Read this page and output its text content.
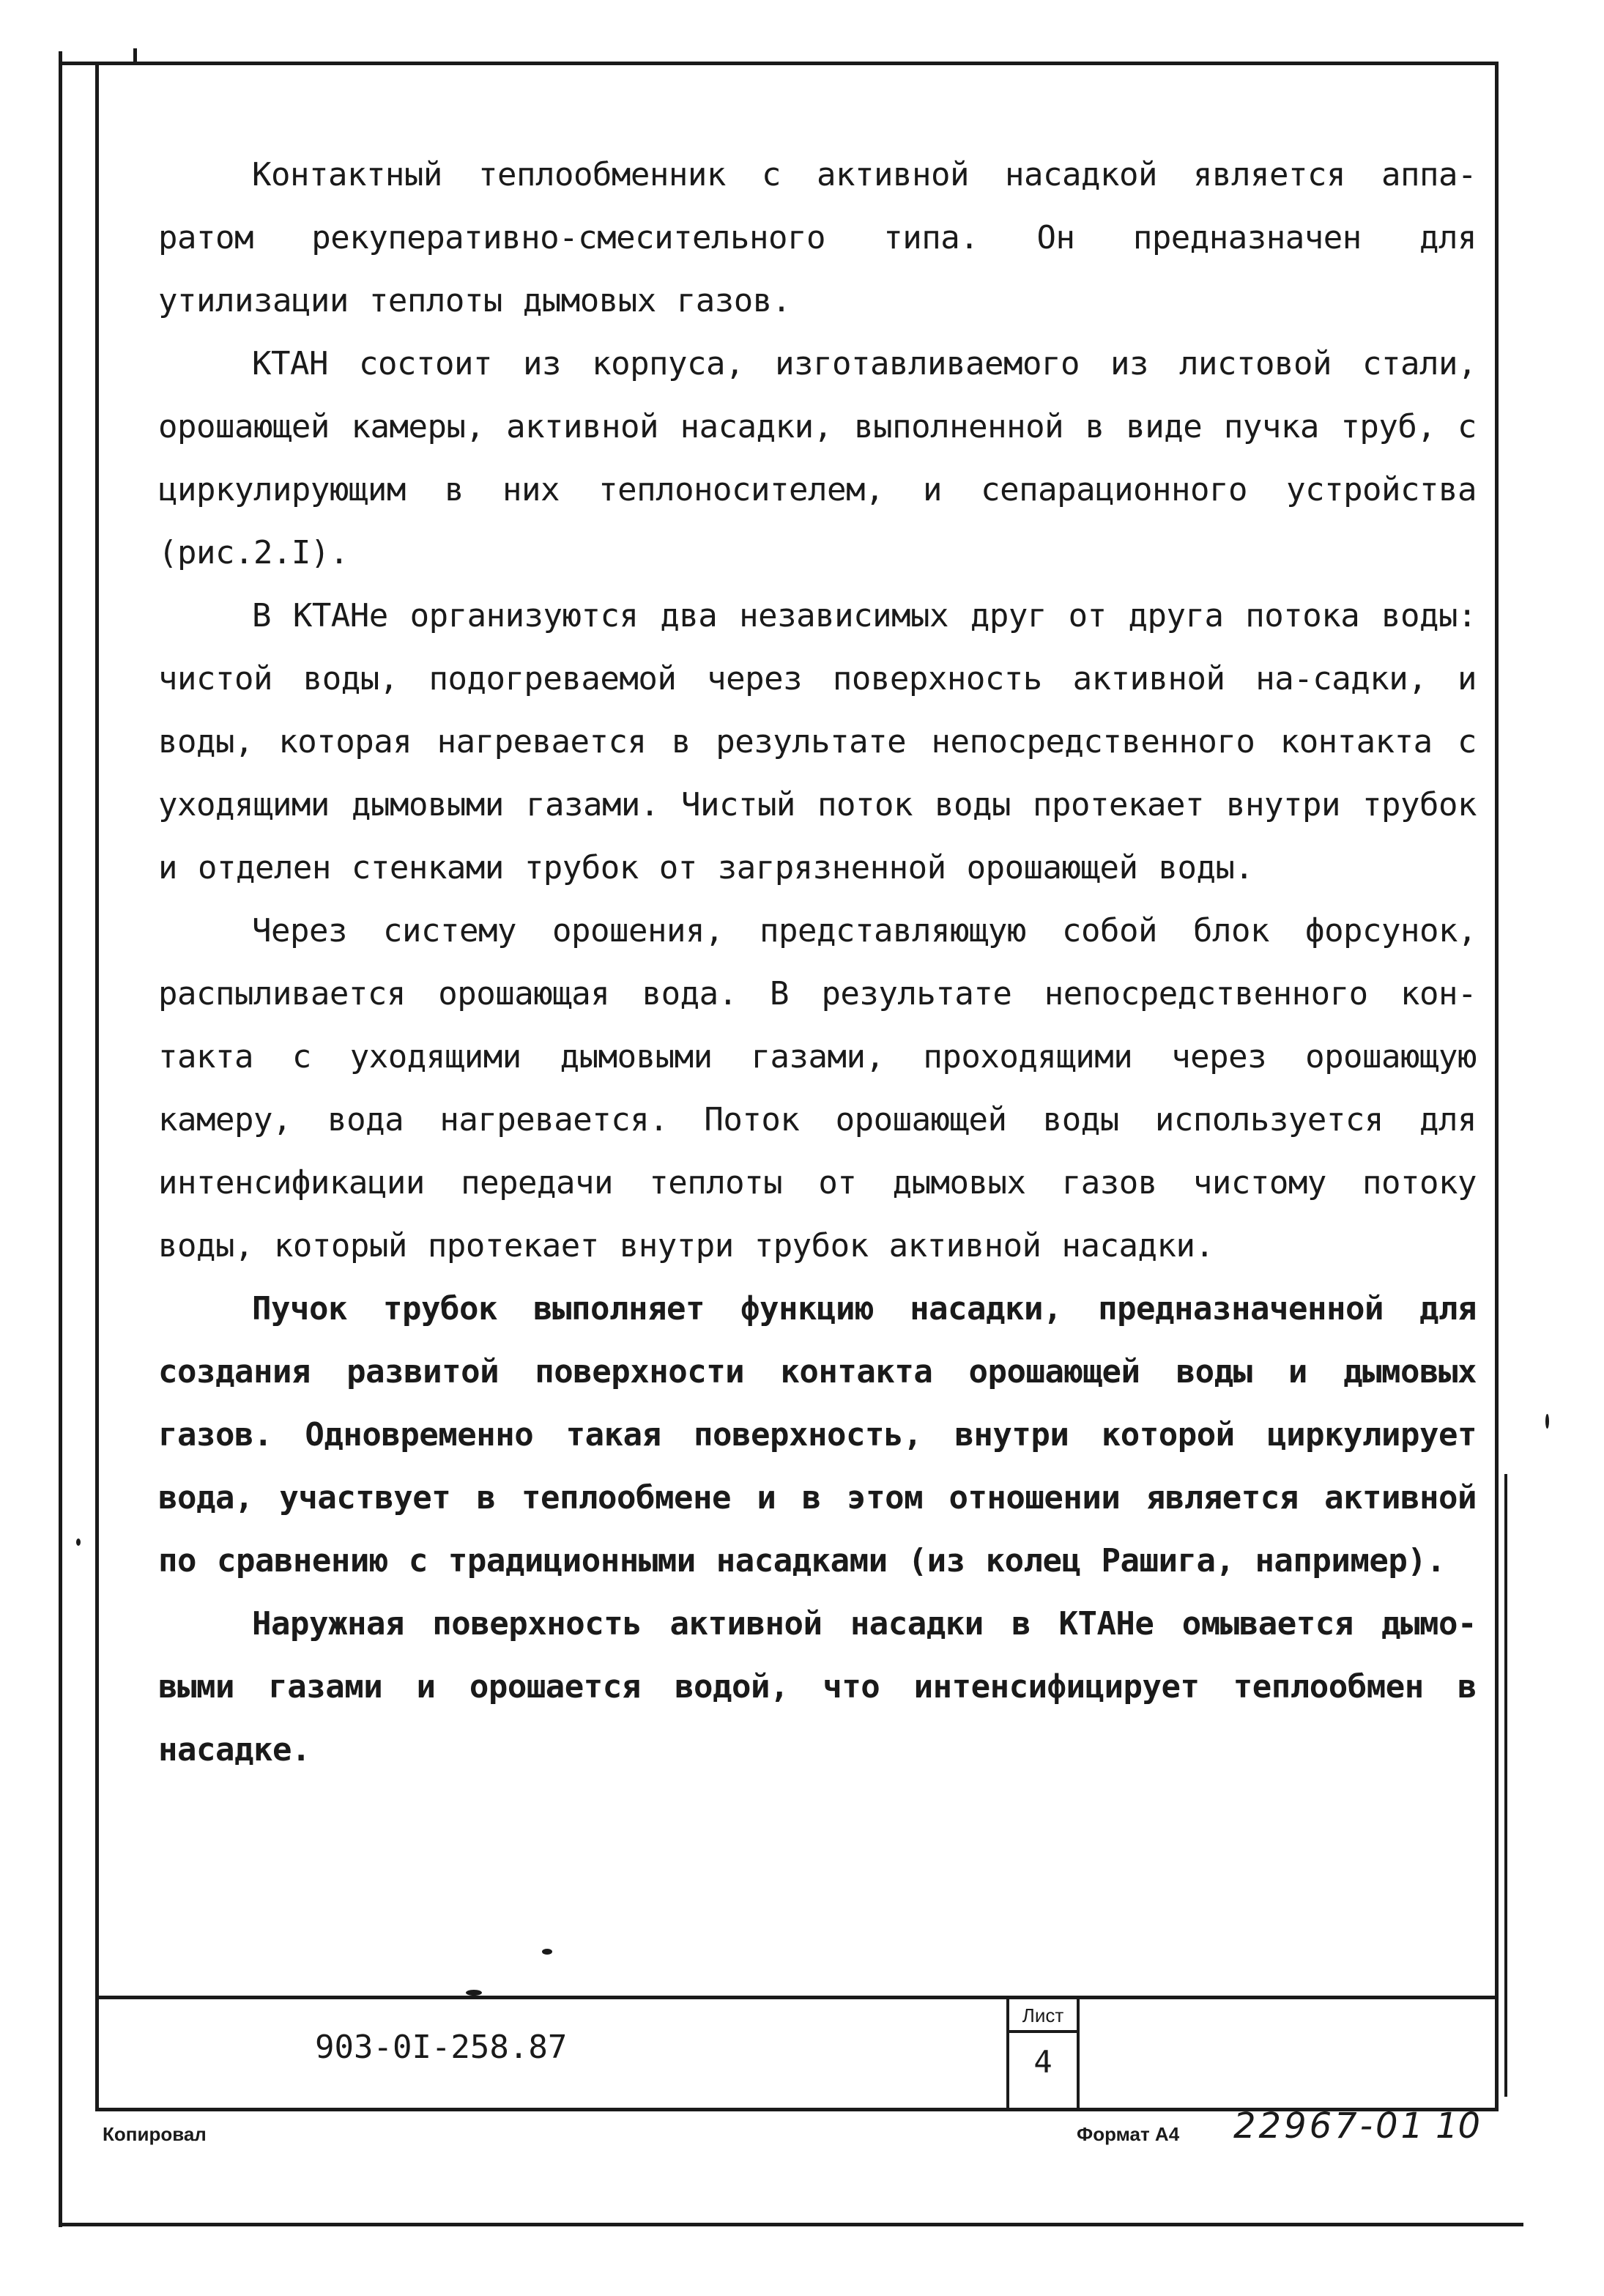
Контактный теплообменник с активной насадкой является аппа-ратом рекуперативно-смесительного типа. Он предназначен для утилизации теплоты дымовых газов.

КТАН состоит из корпуса, изготавливаемого из листовой стали, орошающей камеры, активной насадки, выполненной в виде пучка труб, с циркулирующим в них теплоносителем, и сепарационного устройства (рис.2.I).

В КТАНе организуются два независимых друг от друга потока воды: чистой воды, подогреваемой через поверхность активной на-садки, и воды, которая нагревается в результате непосредственного контакта с уходящими дымовыми газами. Чистый поток воды протекает внутри трубок и отделен стенками трубок от загрязненной орошающей воды.

Через систему орошения, представляющую собой блок форсунок, распыливается орошающая вода. В результате непосредственного кон-такта с уходящими дымовыми газами, проходящими через орошающую камеру, вода нагревается. Поток орошающей воды используется для интенсификации передачи теплоты от дымовых газов чистому потоку воды, который протекает внутри трубок активной насадки.

Пучок трубок выполняет функцию насадки, предназначенной для создания развитой поверхности контакта орошающей воды и дымовых газов. Одновременно такая поверхность, внутри которой циркулирует вода, участвует в теплообмене и в этом отношении является активной по сравнению с традиционными насадками (из колец Рашига, например).

Наружная поверхность активной насадки в КТАНе омывается дымо-выми газами и орошается водой, что интенсифицирует теплообмен в насадке.

903-0I-258.87
Лист
4
Копировал	Формат А4 22967-01 10
